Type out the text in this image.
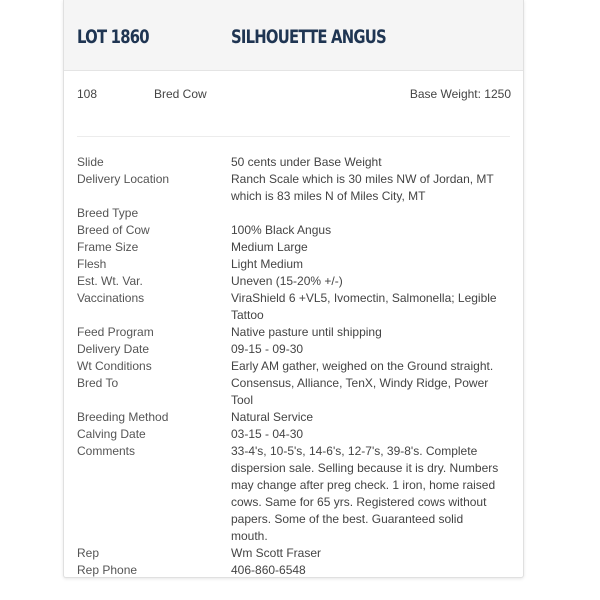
LOT 1860	SILHOUETTE ANGUS
108	Bred Cow	Base Weight: 1250
Slide	50 cents under Base Weight
Delivery Location	Ranch Scale which is 30 miles NW of Jordan, MT which is 83 miles N of Miles City, MT
Breed Type

Breed of Cow	100% Black Angus
Frame Size	Medium Large
Flesh	Light Medium
Est. Wt. Var.	Uneven (15-20% +/-)
Vaccinations	ViraShield 6 +VL5, Ivomectin, Salmonella; Legible Tattoo
Feed Program	Native pasture until shipping
Delivery Date	09-15 - 09-30
Wt Conditions	Early AM gather, weighed on the Ground straight.
Bred To	Consensus, Alliance, TenX, Windy Ridge, Power Tool
Breeding Method	Natural Service
Calving Date	03-15 - 04-30
Comments	33-4's, 10-5's, 14-6's, 12-7's, 39-8's. Complete dispersion sale. Selling because it is dry. Numbers may change after preg check. 1 iron, home raised cows. Same for 65 yrs. Registered cows without papers. Some of the best. Guaranteed solid mouth.
Rep	Wm Scott Fraser
Rep Phone	406-860-6548
